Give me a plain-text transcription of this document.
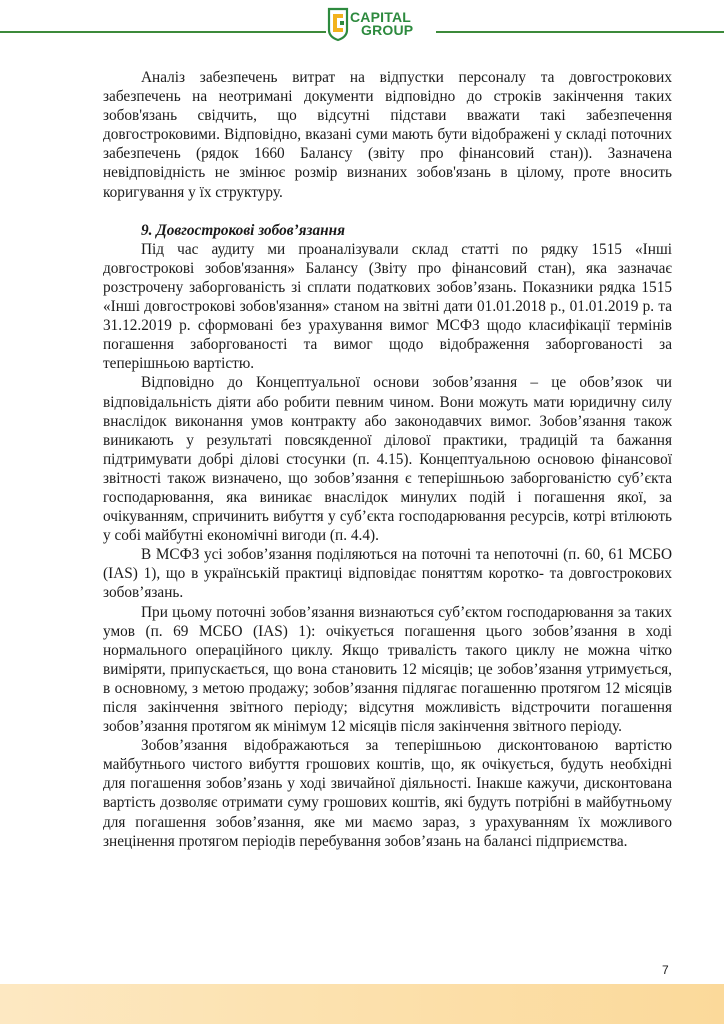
CAPITAL
GROUP

Аналіз забезпечень витрат на відпустки персоналу та довгострокових забезпечень на неотримані документи відповідно до строків закінчення таких зобов'язань свідчить, що відсутні підстави вважати такі забезпечення довгостроковими. Відповідно, вказані суми мають бути відображені у складі поточних забезпечень (рядок 1660 Балансу (звіту про фінансовий стан)). Зазначена невідповідність не змінює розмір визнаних зобов'язань в цілому, проте вносить коригування у їх структуру.

9. Довгострокові зобов’язання

Під час аудиту ми проаналізували склад статті по рядку 1515 «Інші довгострокові зобов'язання» Балансу (Звіту про фінансовий стан), яка зазначає розстрочену заборгованість зі сплати податкових зобов’язань. Показники рядка 1515 «Інші довгострокові зобов'язання» станом на звітні дати 01.01.2018 р., 01.01.2019 р. та 31.12.2019 р. сформовані без урахування вимог МСФЗ щодо класифікації термінів погашення заборгованості та вимог щодо відображення заборгованості за теперішньою вартістю.

Відповідно до Концептуальної основи зобов’язання – це обов’язок чи відповідальність діяти або робити певним чином. Вони можуть мати юридичну силу внаслідок виконання умов контракту або законодавчих вимог. Зобов’язання також виникають у результаті повсякденної ділової практики, традицій та бажання підтримувати добрі ділові стосунки (п. 4.15). Концептуальною основою фінансової звітності також визначено, що зобов’язання є теперішньою заборгованістю суб’єкта господарювання, яка виникає внаслідок минулих подій і погашення якої, за очікуванням, спричинить вибуття у суб’єкта господарювання ресурсів, котрі втілюють у собі майбутні економічні вигоди (п. 4.4).

В МСФЗ усі зобов’язання поділяються на поточні та непоточні (п. 60, 61 МСБО (IAS) 1), що в українській практиці відповідає поняттям коротко- та довгострокових зобов’язань.

При цьому поточні зобов’язання визнаються суб’єктом господарювання за таких умов (п. 69 МСБО (IAS) 1): очікується погашення цього зобов’язання в ході нормального операційного циклу. Якщо тривалість такого циклу не можна чітко виміряти, припускається, що вона становить 12 місяців; це зобов’язання утримується, в основному, з метою продажу; зобов’язання підлягає погашенню протягом 12 місяців після закінчення звітного періоду; відсутня можливість відстрочити погашення зобов’язання протягом як мінімум 12 місяців після закінчення звітного періоду.

Зобов’язання відображаються за теперішньою дисконтованою вартістю майбутнього чистого вибуття грошових коштів, що, як очікується, будуть необхідні для погашення зобов’язань у ході звичайної діяльності. Інакше кажучи, дисконтована вартість дозволяє отримати суму грошових коштів, які будуть потрібні в майбутньому для погашення зобов’язання, яке ми маємо зараз, з урахуванням їх можливого знецінення протягом періодів перебування зобов’язань на балансі підприємства.

7
